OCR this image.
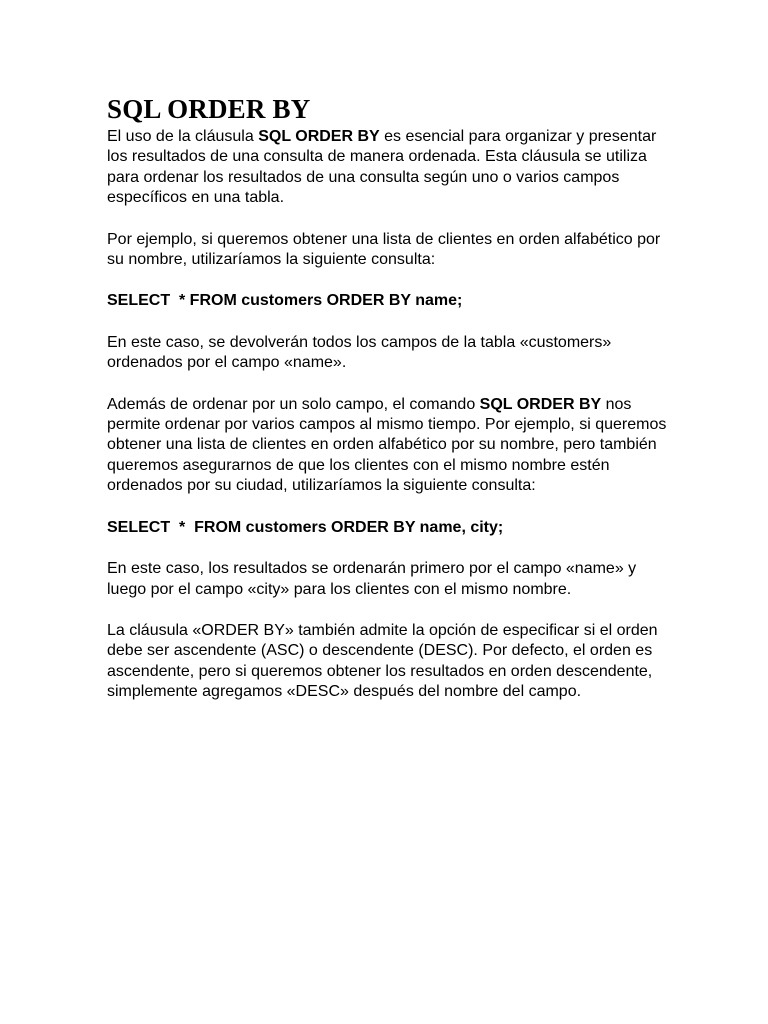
SQL ORDER BY

El uso de la cláusula SQL ORDER BY es esencial para organizar y presentar los resultados de una consulta de manera ordenada. Esta cláusula se utiliza para ordenar los resultados de una consulta según uno o varios campos específicos en una tabla.

Por ejemplo, si queremos obtener una lista de clientes en orden alfabético por su nombre, utilizaríamos la siguiente consulta:

SELECT  * FROM customers ORDER BY name;

En este caso, se devolverán todos los campos de la tabla «customers» ordenados por el campo «name».

Además de ordenar por un solo campo, el comando SQL ORDER BY nos permite ordenar por varios campos al mismo tiempo. Por ejemplo, si queremos obtener una lista de clientes en orden alfabético por su nombre, pero también queremos asegurarnos de que los clientes con el mismo nombre estén ordenados por su ciudad, utilizaríamos la siguiente consulta:

SELECT  *  FROM customers ORDER BY name, city;

En este caso, los resultados se ordenarán primero por el campo «name» y luego por el campo «city» para los clientes con el mismo nombre.

La cláusula «ORDER BY» también admite la opción de especificar si el orden debe ser ascendente (ASC) o descendente (DESC). Por defecto, el orden es ascendente, pero si queremos obtener los resultados en orden descendente, simplemente agregamos «DESC» después del nombre del campo.
